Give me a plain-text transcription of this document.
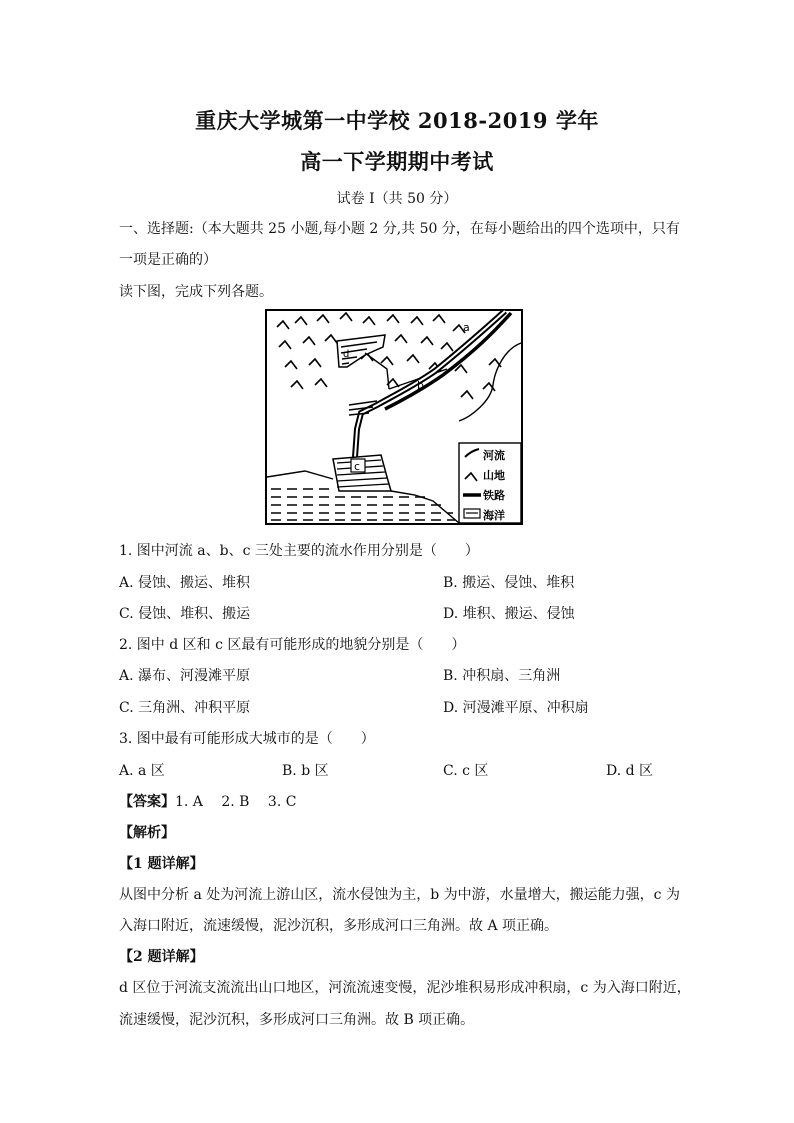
重庆大学城第一中学校 2018-2019 学年
高一下学期期中考试
试卷 I（共 50 分）
一、选择题:（本大题共 25 小题,每小题 2 分,共 50 分，在每小题给出的四个选项中，只有
一项是正确的）
读下图，完成下列各题。
a
b
c
d
河流
山地
铁路
海洋
1. 图中河流 a、b、c 三处主要的流水作用分别是（　　）
A. 侵蚀、搬运、堆积	B. 搬运、侵蚀、堆积
C. 侵蚀、堆积、搬运	D. 堆积、搬运、侵蚀
2. 图中 d 区和 c 区最有可能形成的地貌分别是（　　）
A. 瀑布、河漫滩平原	B. 冲积扇、三角洲
C. 三角洲、冲积平原	D. 河漫滩平原、冲积扇
3. 图中最有可能形成大城市的是（　　）
A. a 区	B. b 区	C. c 区	D. d 区
【答案】1. A　 2. B　 3. C
【解析】
【1 题详解】
从图中分析 a 处为河流上游山区，流水侵蚀为主，b 为中游，水量增大，搬运能力强，c 为
入海口附近，流速缓慢，泥沙沉积，多形成河口三角洲。故 A 项正确。
【2 题详解】
d 区位于河流支流流出山口地区，河流流速变慢，泥沙堆积易形成冲积扇，c 为入海口附近，
流速缓慢，泥沙沉积，多形成河口三角洲。故 B 项正确。
